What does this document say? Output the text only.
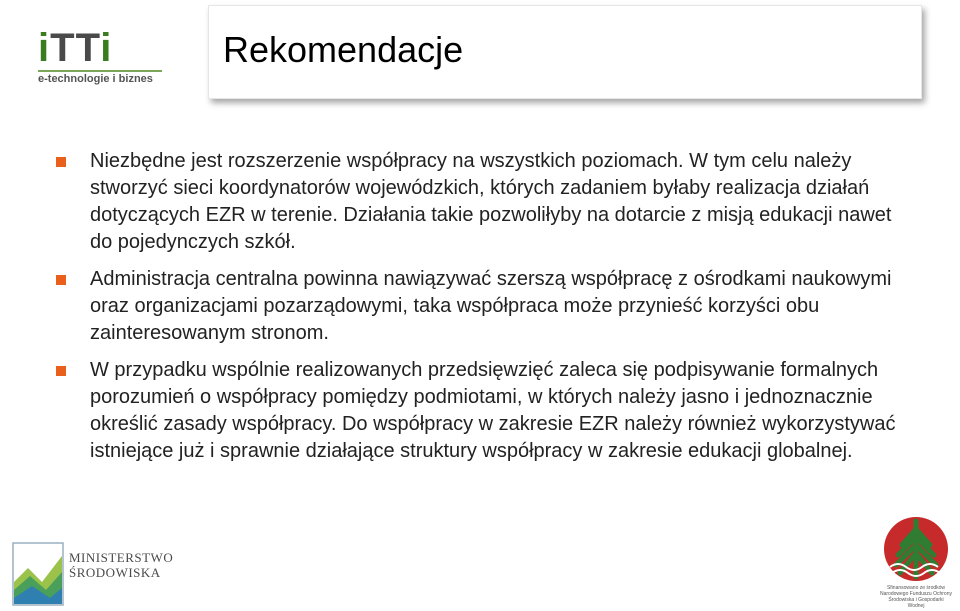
iTTi
e-technologie i biznes
Rekomendacje

Niezbędne jest rozszerzenie współpracy na wszystkich poziomach. W tym celu należy stworzyć sieci koordynatorów wojewódzkich, których zadaniem byłaby realizacja działań dotyczących EZR w terenie. Działania takie pozwoliłyby na dotarcie z misją edukacji nawet do pojedynczych szkół.

Administracja centralna powinna nawiązywać szerszą współpracę z ośrodkami naukowymi oraz organizacjami pozarządowymi, taka współpraca może przynieść korzyści obu zainteresowanym stronom.

W przypadku wspólnie realizowanych przedsięwzięć zaleca się podpisywanie formalnych porozumień o współpracy pomiędzy podmiotami, w których należy jasno i jednoznacznie określić zasady współpracy. Do współpracy w zakresie EZR należy również wykorzystywać istniejące już i sprawnie działające struktury współpracy w zakresie edukacji globalnej.

MINISTERSTWO
ŚRODOWISKA
Sfinansowano ze środków Narodowego Funduszu Ochrony Środowiska i Gospodarki Wodnej
